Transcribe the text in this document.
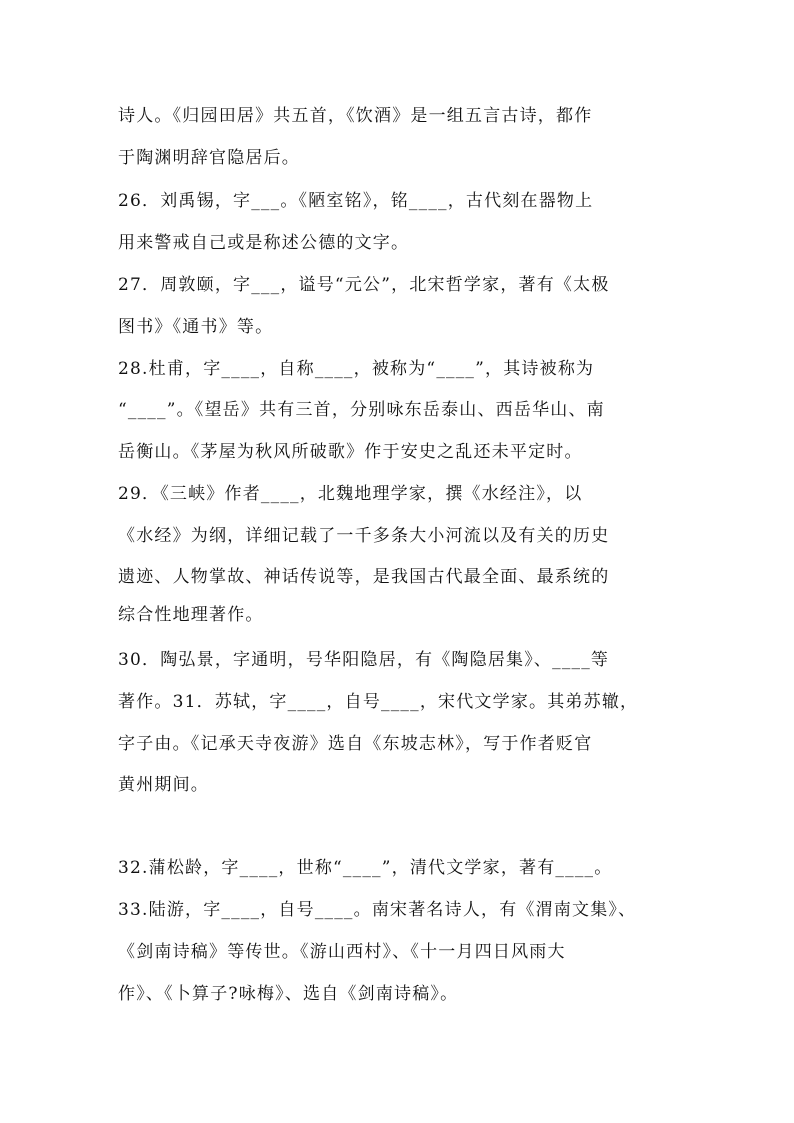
诗人。《归园田居》共五首，《饮酒》是一组五言古诗，都作
于陶渊明辞官隐居后。
26．刘禹锡，字___。《陋室铭》，铭____，古代刻在器物上
用来警戒自己或是称述公德的文字。
27．周敦颐，字___，谥号“元公”，北宋哲学家，著有《太极
图书》《通书》等。
28.杜甫，字____，自称____，被称为“____”，其诗被称为
“____”。《望岳》共有三首，分别咏东岳泰山、西岳华山、南
岳衡山。《茅屋为秋风所破歌》作于安史之乱还未平定时。
29．《三峡》作者____，北魏地理学家，撰《水经注》，以
《水经》为纲，详细记载了一千多条大小河流以及有关的历史
遗迹、人物掌故、神话传说等，是我国古代最全面、最系统的
综合性地理著作。
30．陶弘景，字通明，号华阳隐居，有《陶隐居集》、____等
著作。31．苏轼，字____，自号____，宋代文学家。其弟苏辙，
字子由。《记承天寺夜游》选自《东坡志林》，写于作者贬官
黄州期间。
32.蒲松龄，字____，世称“____”，清代文学家，著有____。
33.陆游，字____，自号____。南宋著名诗人，有《渭南文集》、
《剑南诗稿》等传世。《游山西村》、《十一月四日风雨大
作》、《卜算子?咏梅》、选自《剑南诗稿》。
